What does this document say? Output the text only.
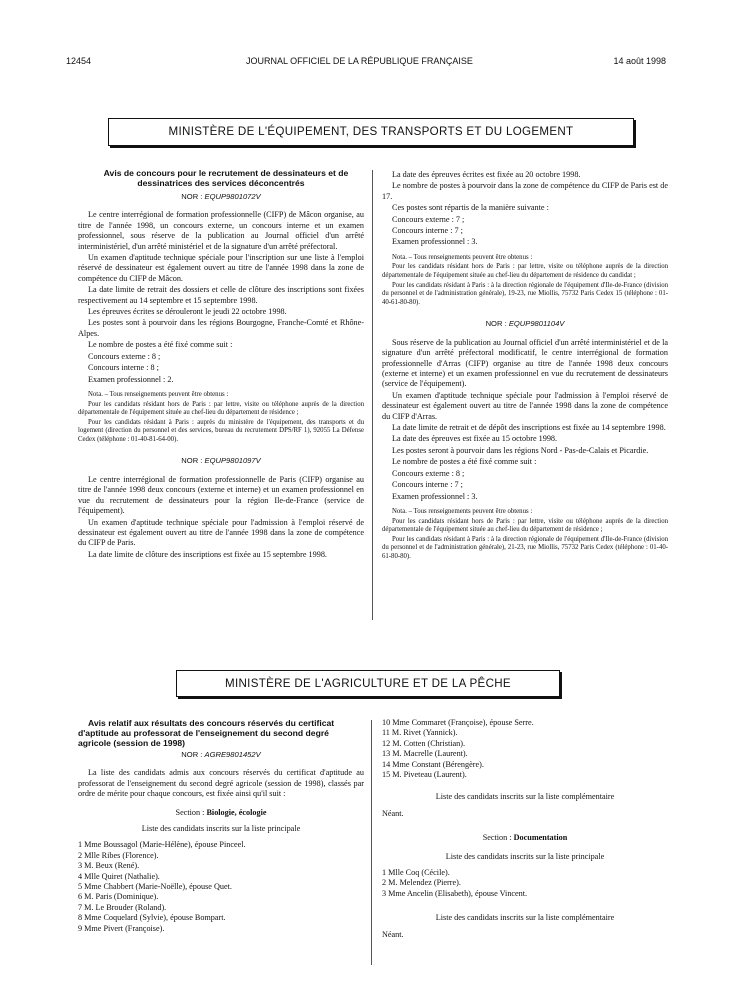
12454	JOURNAL OFFICIEL DE LA RÉPUBLIQUE FRANÇAISE	14 août 1998
MINISTÈRE DE L'ÉQUIPEMENT, DES TRANSPORTS ET DU LOGEMENT

Avis de concours pour le recrutement de dessinateurs et de dessinatrices des services déconcentrés

NOR : EQUP9801072V

Le centre interrégional de formation professionnelle (CIFP) de Mâcon organise, au titre de l'année 1998, un concours externe, un concours interne et un examen professionnel, sous réserve de la publication au Journal officiel d'un arrêté interministériel, d'un arrêté ministériel et de la signature d'un arrêté préfectoral.

Un examen d'aptitude technique spéciale pour l'inscription sur une liste à l'emploi réservé de dessinateur est également ouvert au titre de l'année 1998 dans la zone de compétence du CIFP de Mâcon.

La date limite de retrait des dossiers et celle de clôture des inscriptions sont fixées respectivement au 14 septembre et 15 septembre 1998.

Les épreuves écrites se dérouleront le jeudi 22 octobre 1998.

Les postes sont à pourvoir dans les régions Bourgogne, Franche-Comté et Rhône-Alpes.

Le nombre de postes a été fixé comme suit :

Concours externe : 8 ;

Concours interne : 8 ;

Examen professionnel : 2.

Nota. – Tous renseignements peuvent être obtenus :

Pour les candidats résidant hors de Paris : par lettre, visite ou téléphone auprès de la direction départementale de l'équipement située au chef-lieu du département de résidence ;

Pour les candidats résidant à Paris : auprès du ministère de l'équipement, des transports et du logement (direction du personnel et des services, bureau du recrutement DPS/RF 1), 92055 La Défense Cedex (téléphone : 01-40-81-64-00).

NOR : EQUP9801097V

Le centre interrégional de formation professionnelle de Paris (CIFP) organise au titre de l'année 1998 deux concours (externe et interne) et un examen professionnel en vue du recrutement de dessinateurs pour la région Ile-de-France (service de l'équipement).

Un examen d'aptitude technique spéciale pour l'admission à l'emploi réservé de dessinateur est également ouvert au titre de l'année 1998 dans la zone de compétence du CIFP de Paris.

La date limite de clôture des inscriptions est fixée au 15 septembre 1998.

La date des épreuves écrites est fixée au 20 octobre 1998.

Le nombre de postes à pourvoir dans la zone de compétence du CIFP de Paris est de 17.

Ces postes sont répartis de la manière suivante :

Concours externe : 7 ;

Concours interne : 7 ;

Examen professionnel : 3.

Nota. – Tous renseignements peuvent être obtenus :

Pour les candidats résidant hors de Paris : par lettre, visite ou téléphone auprès de la direction départementale de l'équipement située au chef-lieu du département de résidence du candidat ;

Pour les candidats résidant à Paris : à la direction régionale de l'équipement d'Ile-de-France (division du personnel et de l'administration générale), 19-23, rue Miollis, 75732 Paris Cedex 15 (téléphone : 01-40-61-80-80).

NOR : EQUP9801104V

Sous réserve de la publication au Journal officiel d'un arrêté interministériel et de la signature d'un arrêté préfectoral modificatif, le centre interrégional de formation professionnelle d'Arras (CIFP) organise au titre de l'année 1998 deux concours (externe et interne) et un examen professionnel en vue du recrutement de dessinateurs (service de l'équipement).

Un examen d'aptitude technique spéciale pour l'admission à l'emploi réservé de dessinateur est également ouvert au titre de l'année 1998 dans la zone de compétence du CIFP d'Arras.

La date limite de retrait et de dépôt des inscriptions est fixée au 14 septembre 1998.

La date des épreuves est fixée au 15 octobre 1998.

Les postes seront à pourvoir dans les régions Nord - Pas-de-Calais et Picardie.

Le nombre de postes a été fixé comme suit :

Concours externe : 8 ;

Concours interne : 7 ;

Examen professionnel : 3.

Nota. – Tous renseignements peuvent être obtenus :

Pour les candidats résidant hors de Paris : par lettre, visite ou téléphone auprès de la direction départementale de l'équipement située au chef-lieu du département de résidence ;

Pour les candidats résidant à Paris : à la direction régionale de l'équipement d'Ile-de-France (division du personnel et de l'administration générale), 21-23, rue Miollis, 75732 Paris Cedex (téléphone : 01-40-61-80-80).

MINISTÈRE DE L'AGRICULTURE ET DE LA PÊCHE

Avis relatif aux résultats des concours réservés du certificat d'aptitude au professorat de l'enseignement du second degré agricole (session de 1998)

NOR : AGRE9801452V

La liste des candidats admis aux concours réservés du certificat d'aptitude au professorat de l'enseignement du second degré agricole (session de 1998), classés par ordre de mérite pour chaque concours, est fixée ainsi qu'il suit :

Section : Biologie, écologie
Liste des candidats inscrits sur la liste principale
1 Mme Boussagol (Marie-Hélène), épouse Pinceel.
2 Mlle Ribes (Florence).
3 M. Beux (René).
4 Mlle Quiret (Nathalie).
5 Mme Chabbert (Marie-Noëlle), épouse Quet.
6 M. Paris (Dominique).
7 M. Le Brouder (Roland).
8 Mme Coquelard (Sylvie), épouse Bompart.
9 Mme Pivert (Françoise).
10 Mme Commaret (Françoise), épouse Serre.
11 M. Rivet (Yannick).
12 M. Cotten (Christian).
13 M. Macrelle (Laurent).
14 Mme Constant (Bérengère).
15 M. Piveteau (Laurent).
Liste des candidats inscrits sur la liste complémentaire

Néant.

Section : Documentation
Liste des candidats inscrits sur la liste principale
1 Mlle Coq (Cécile).
2 M. Melendez (Pierre).
3 Mme Ancelin (Elisabeth), épouse Vincent.
Liste des candidats inscrits sur la liste complémentaire

Néant.
